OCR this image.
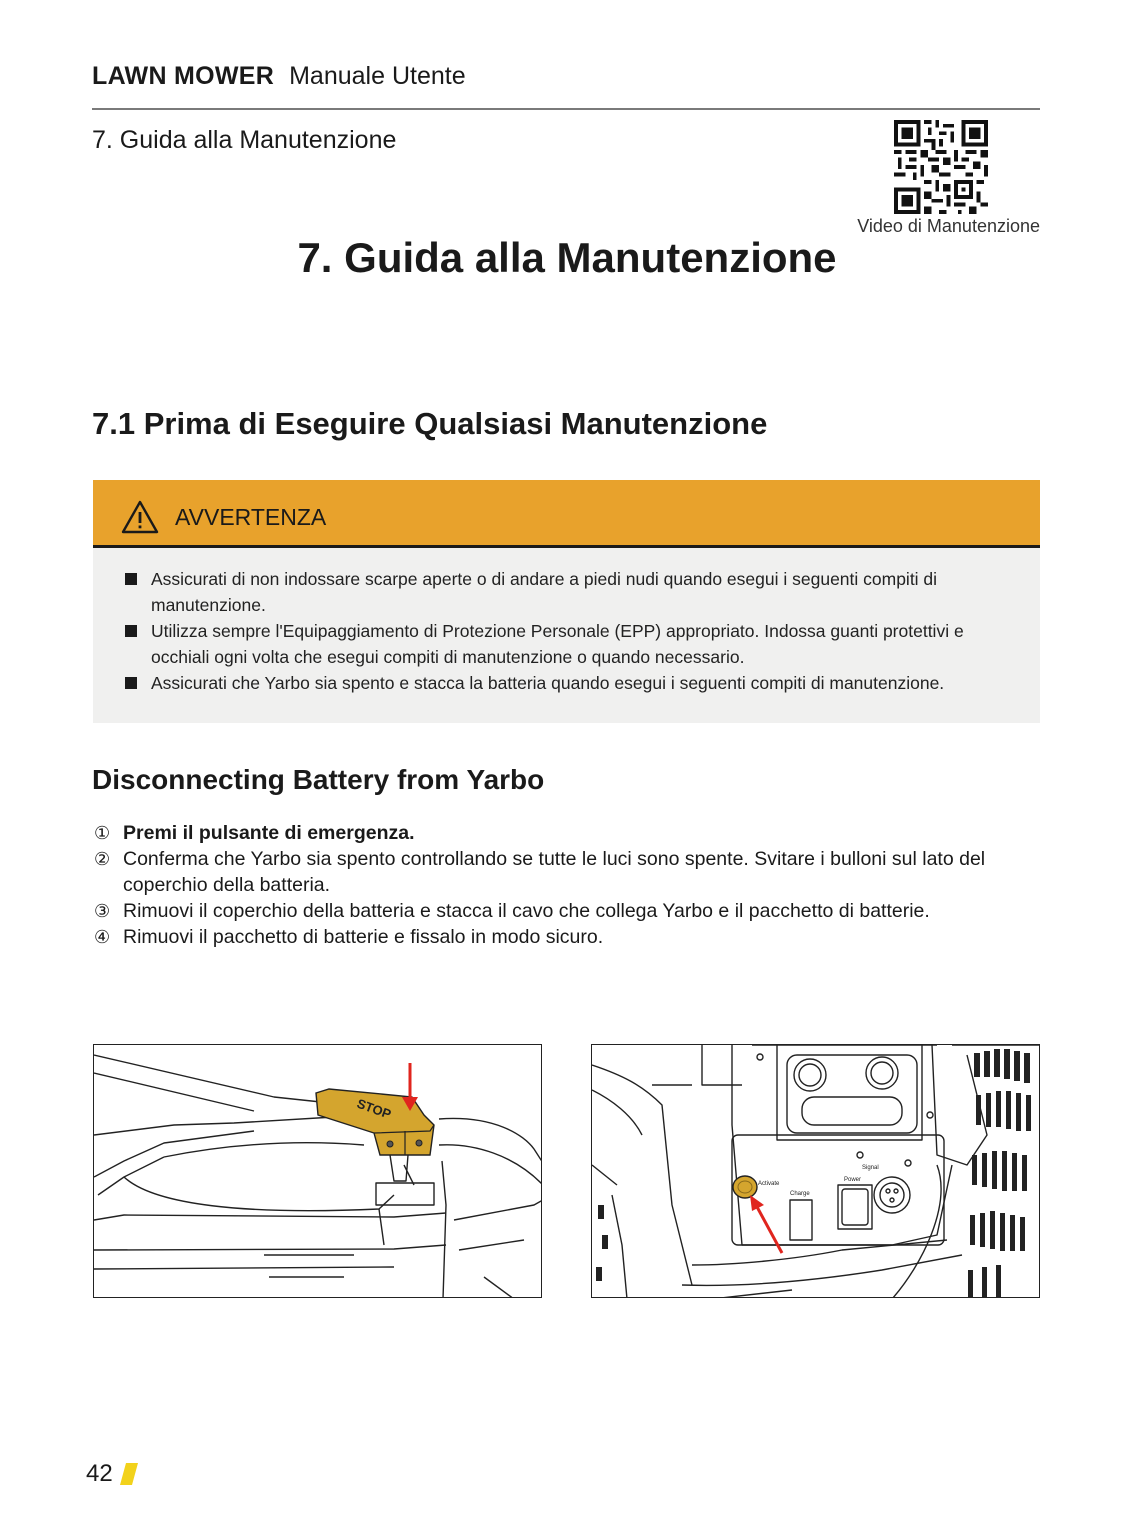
LAWN MOWER Manuale Utente
7. Guida alla Manutenzione
Video di Manutenzione
7. Guida alla Manutenzione
7.1 Prima di Eseguire Qualsiasi Manutenzione
AVVERTENZA
Assicurati di non indossare scarpe aperte o di andare a piedi nudi quando esegui i seguenti compiti di manutenzione.
Utilizza sempre l'Equipaggiamento di Protezione Personale (EPP) appropriato. Indossa guanti protettivi e occhiali ogni volta che esegui compiti di manutenzione o quando necessario.
Assicurati che Yarbo sia spento e stacca la batteria quando esegui i seguenti compiti di manutenzione.
Disconnecting Battery from Yarbo
① Premi il pulsante di emergenza.
② Conferma che Yarbo sia spento controllando se tutte le luci sono spente. Svitare i bulloni sul lato del coperchio della batteria.
③ Rimuovi il coperchio della batteria e stacca il cavo che collega Yarbo e il pacchetto di batterie.
④ Rimuovi il pacchetto di batterie e fissalo in modo sicuro.
STOP
Activate
Charge
Signal
Power
42
